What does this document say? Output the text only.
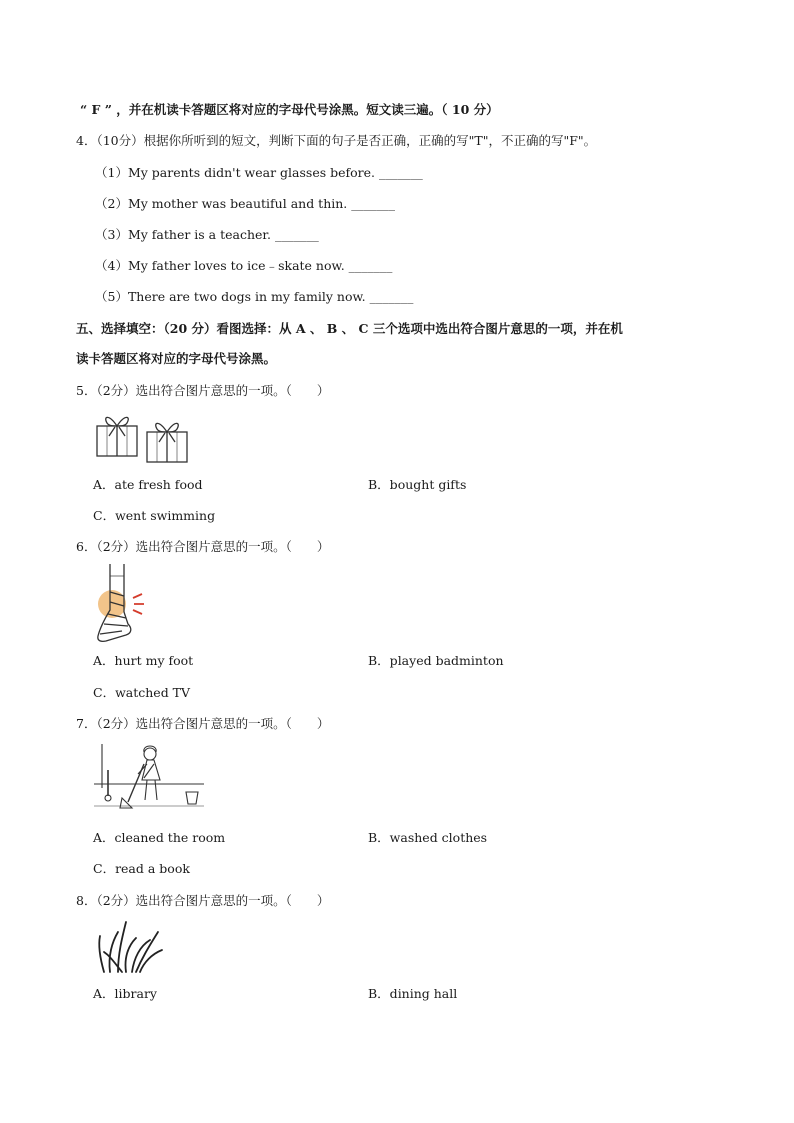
“ F ” ，并在机读卡答题区将对应的字母代号涂黑。短文读三遍。（ 10 分）
4．（10分）根据你所听到的短文，判断下面的句子是否正确，正确的写"T"，不正确的写"F"。
（1）My parents didn't wear glasses before. _______
（2）My mother was beautiful and thin. _______
（3）My father is a teacher. _______
（4）My father loves to ice﹣skate now. _______
（5）There are two dogs in my family now. _______
五、选择填空：（20 分）看图选择：从 A 、 B 、 C 三个选项中选出符合图片意思的一项，并在机
读卡答题区将对应的字母代号涂黑。
5．（2分）选出符合图片意思的一项。（　　）
A．ate fresh food	B．bought gifts
C．went swimming
6．（2分）选出符合图片意思的一项。（　　）
A．hurt my foot	B．played badminton
C．watched TV
7．（2分）选出符合图片意思的一项。（　　）
A．cleaned the room	B．washed clothes
C．read a book
8．（2分）选出符合图片意思的一项。（　　）
A．library	B．dining hall
